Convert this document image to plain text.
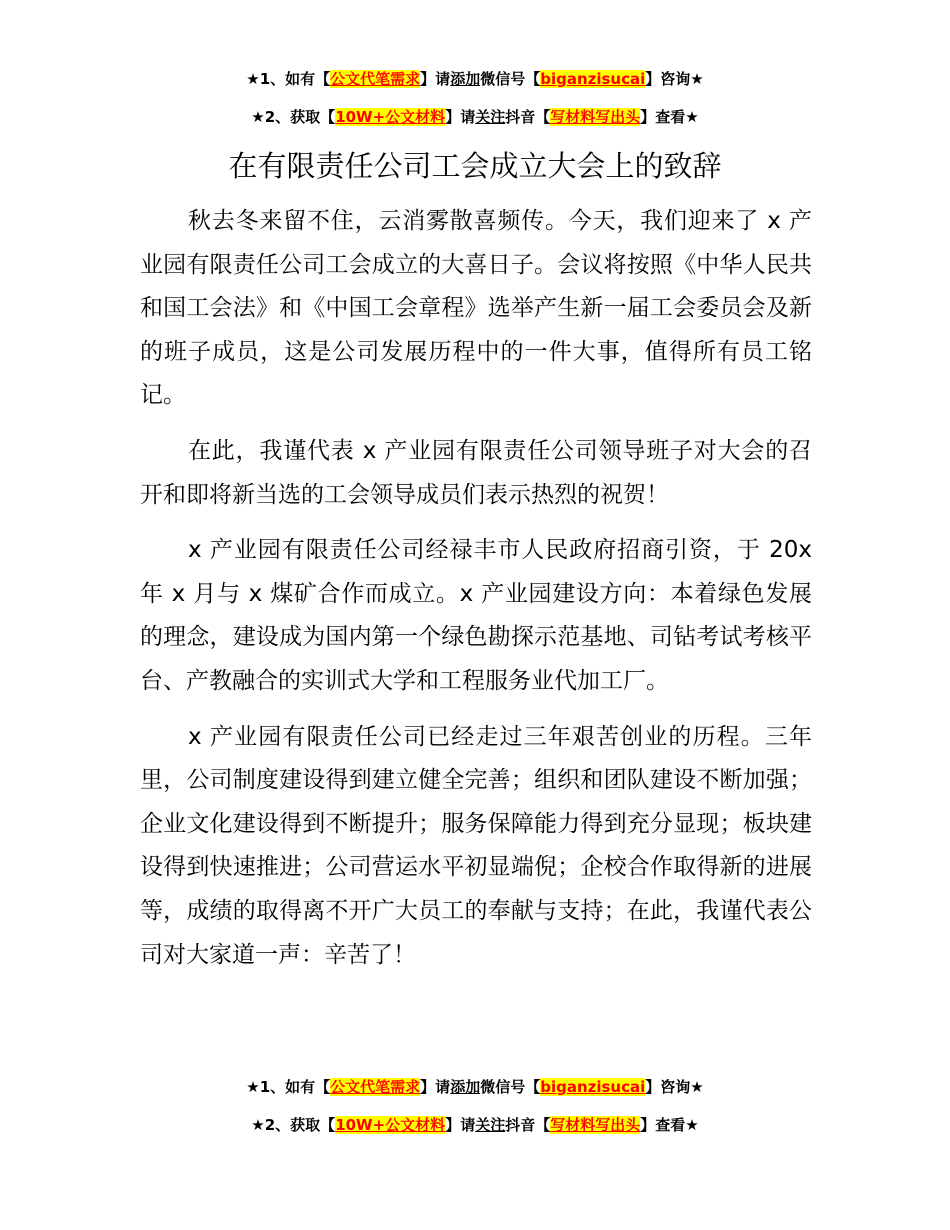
★1、如有【公文代笔需求】请添加微信号【biganzisucai】咨询★
★2、获取【10W+公文材料】请关注抖音【写材料写出头】查看★
在有限责任公司工会成立大会上的致辞

秋去冬来留不住，云消雾散喜频传。今天，我们迎来了 x 产业园有限责任公司工会成立的大喜日子。会议将按照《中华人民共和国工会法》和《中国工会章程》选举产生新一届工会委员会及新的班子成员，这是公司发展历程中的一件大事，值得所有员工铭记。

在此，我谨代表 x 产业园有限责任公司领导班子对大会的召开和即将新当选的工会领导成员们表示热烈的祝贺！

x 产业园有限责任公司经禄丰市人民政府招商引资，于 20x 年 x 月与 x 煤矿合作而成立。x 产业园建设方向：本着绿色发展的理念，建设成为国内第一个绿色勘探示范基地、司钻考试考核平台、产教融合的实训式大学和工程服务业代加工厂。

x 产业园有限责任公司已经走过三年艰苦创业的历程。三年里，公司制度建设得到建立健全完善；组织和团队建设不断加强；企业文化建设得到不断提升；服务保障能力得到充分显现；板块建设得到快速推进；公司营运水平初显端倪；企校合作取得新的进展等，成绩的取得离不开广大员工的奉献与支持；在此，我谨代表公司对大家道一声：辛苦了！

★1、如有【公文代笔需求】请添加微信号【biganzisucai】咨询★
★2、获取【10W+公文材料】请关注抖音【写材料写出头】查看★
